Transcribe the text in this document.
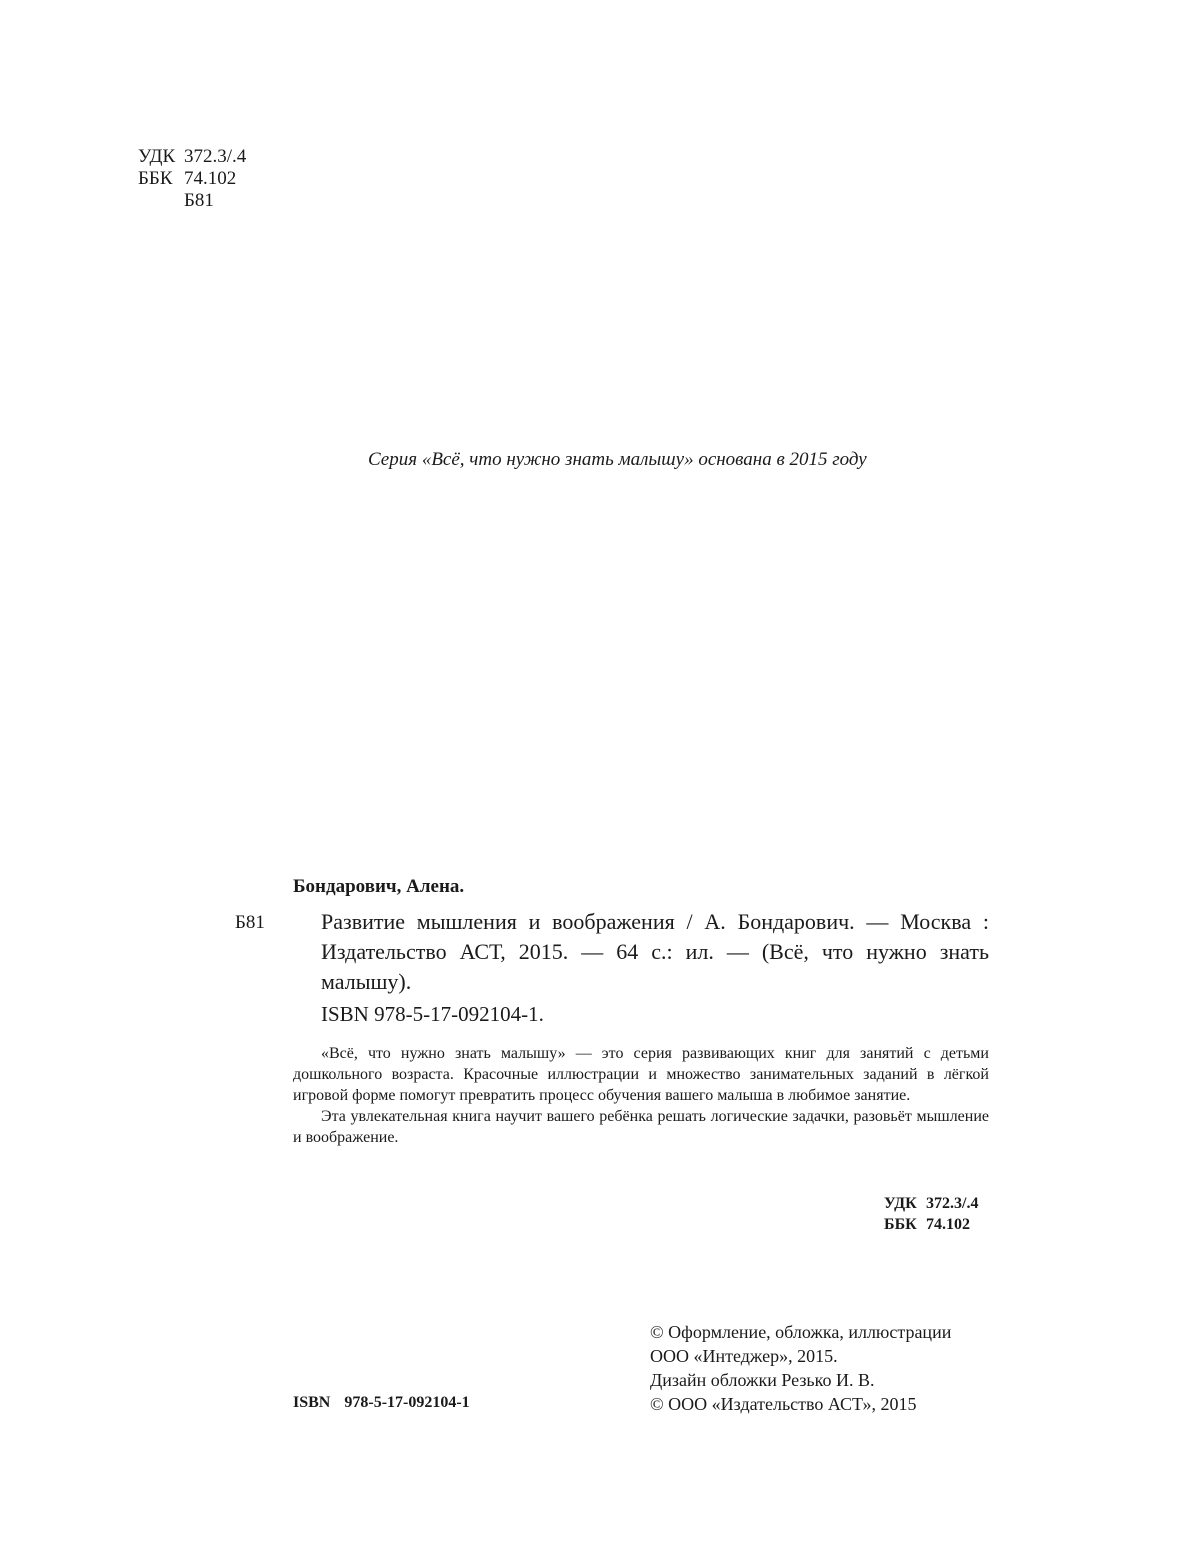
УДК 372.3/.4
ББК 74.102
Б81
Серия «Всё, что нужно знать малышу» основана в 2015 году
Бондарович, Алена.
Б81	Развитие мышления и воображения / А. Бондарович. — Москва : Издательство АСТ, 2015. — 64 с.: ил. — (Всё, что нужно знать малышу).
ISBN 978-5-17-092104-1.

«Всё, что нужно знать малышу» — это серия развивающих книг для занятий с детьми дошкольного возраста. Красочные иллюстрации и множество занимательных заданий в лёгкой игровой форме помогут превратить процесс обучения вашего малыша в любимое занятие.

Эта увлекательная книга научит вашего ребёнка решать логические задачки, разовьёт мышление и воображение.

УДК 372.3/.4
ББК 74.102
© Оформление, обложка, иллюстрации
ООО «Интеджер», 2015.
Дизайн обложки Резько И. В.
© ООО «Издательство АСТ», 2015
ISBN 978-5-17-092104-1
